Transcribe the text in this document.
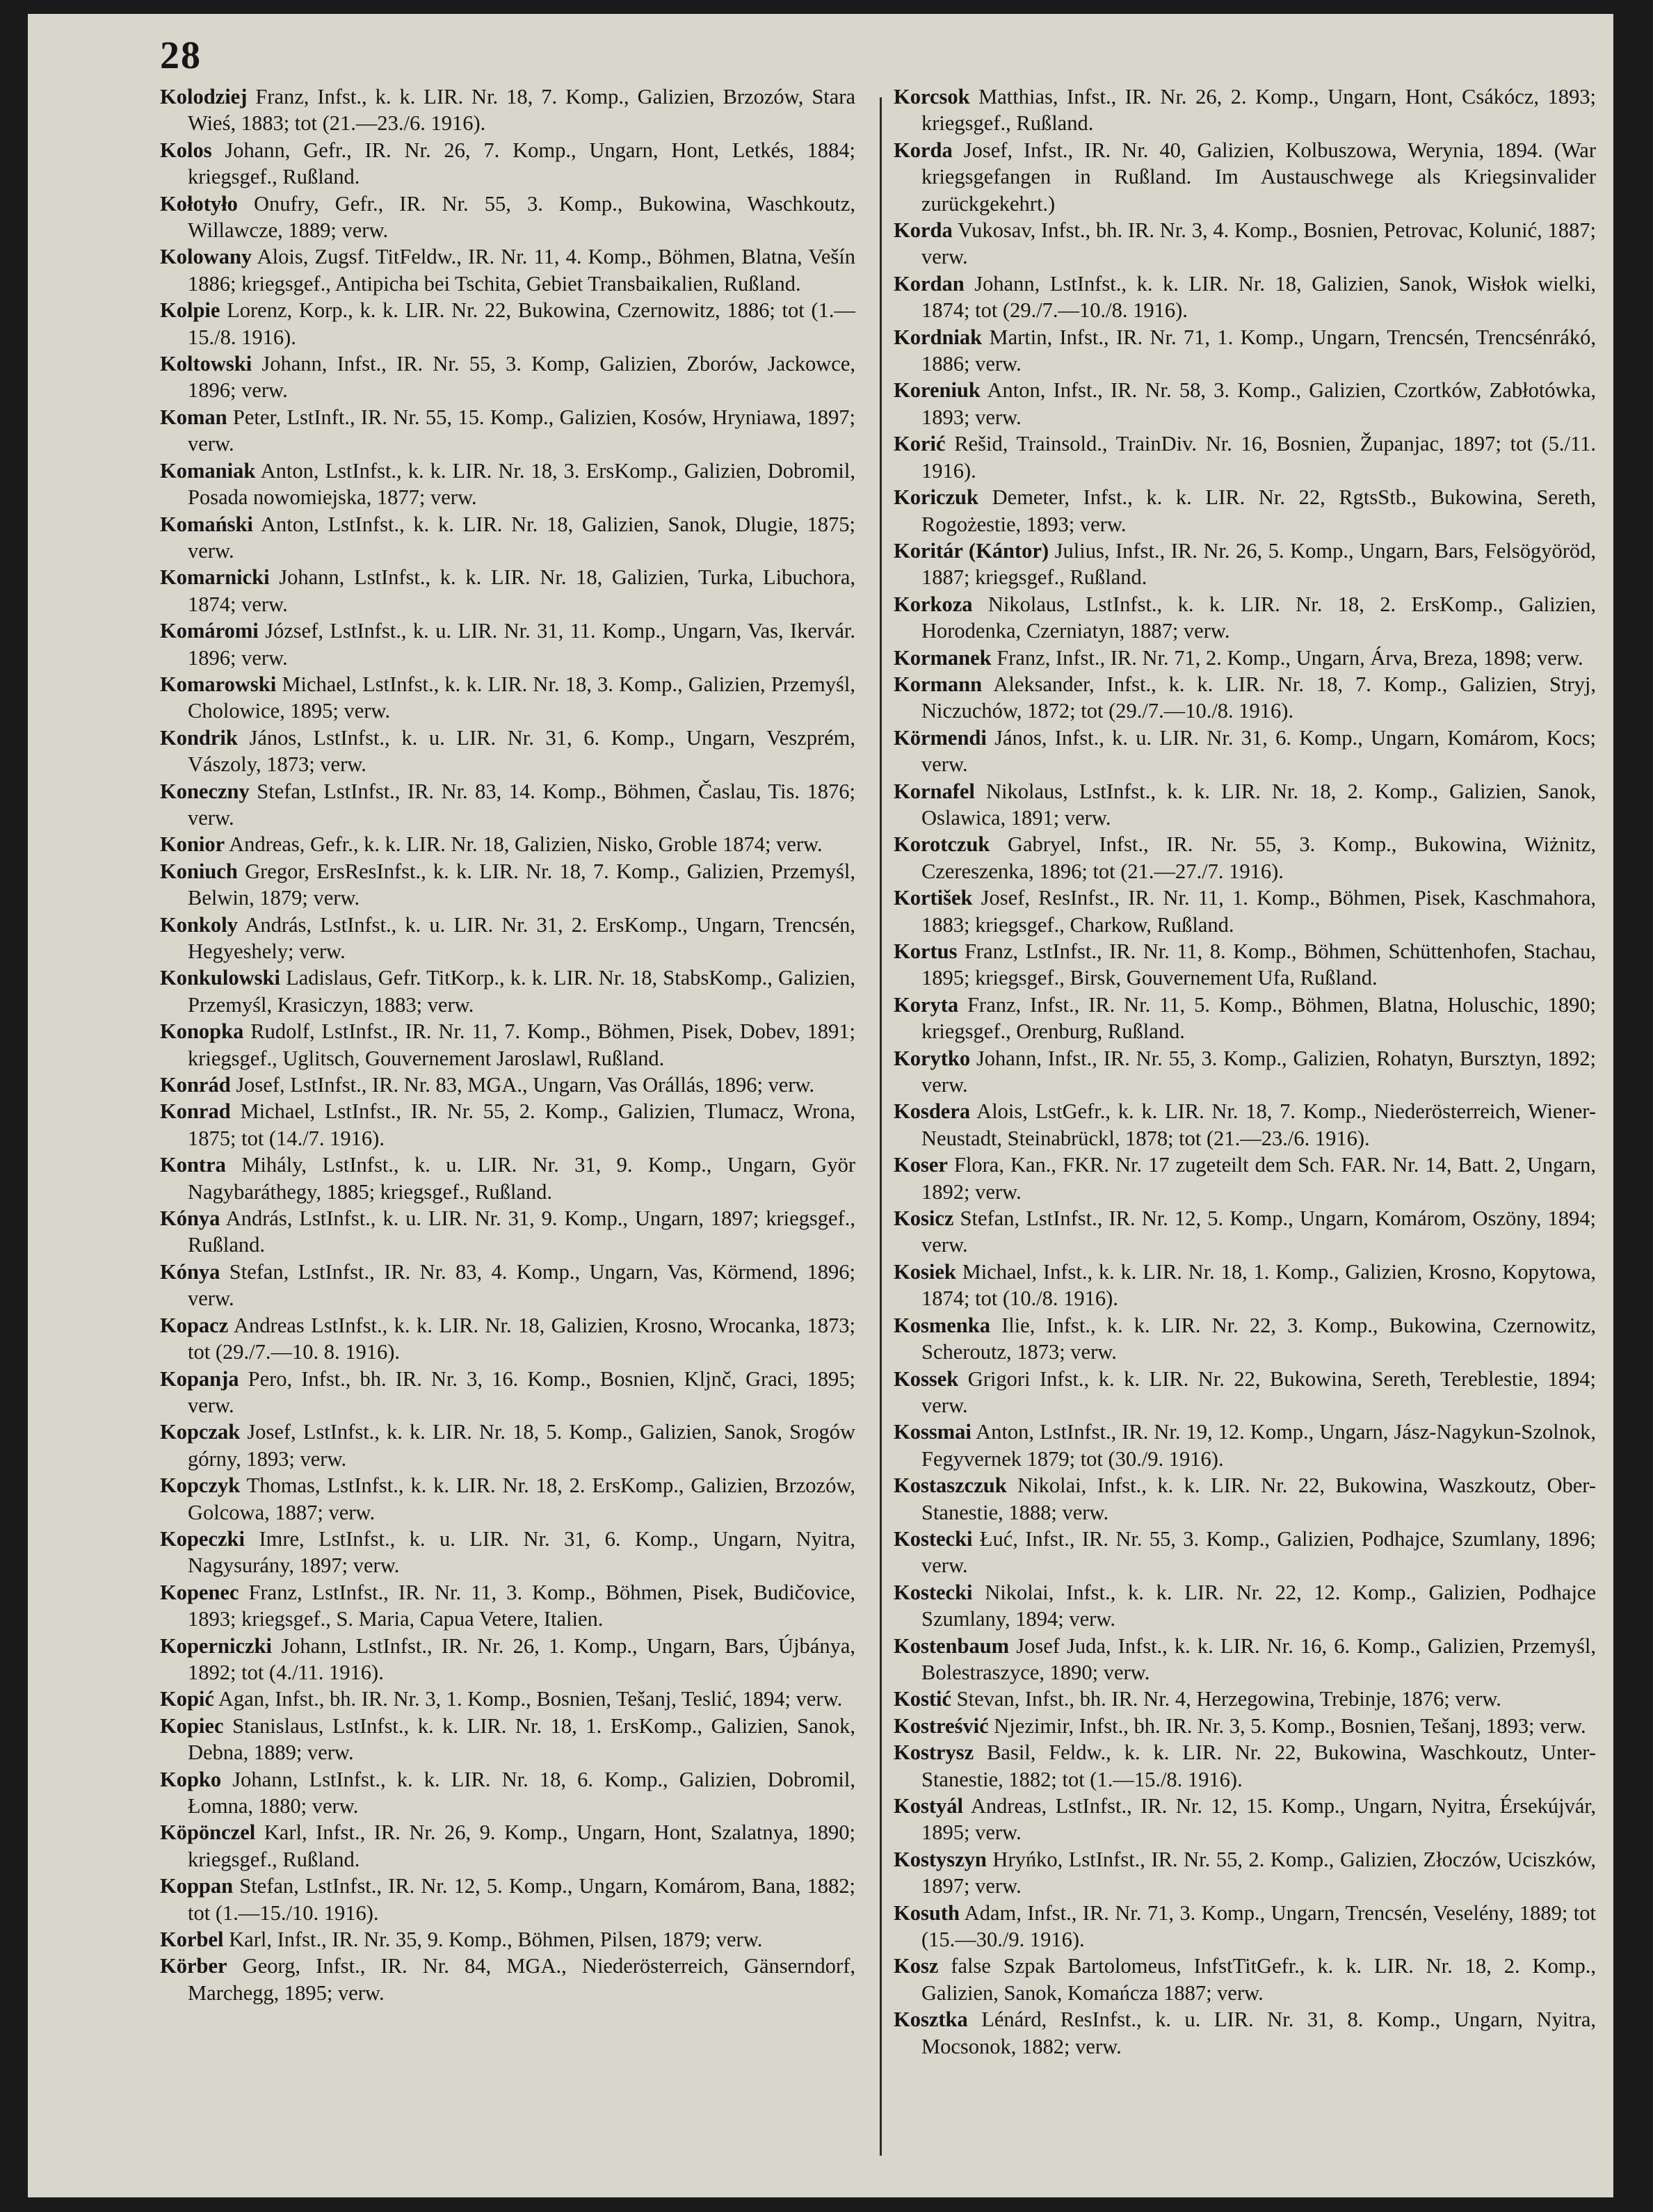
28

Kolodziej Franz, Infst., k. k. LIR. Nr. 18, 7. Komp., Galizien, Brzozów, Stara Wieś, 1883; tot (21.—23./6. 1916).

Kolos Johann, Gefr., IR. Nr. 26, 7. Komp., Ungarn, Hont, Letkés, 1884; kriegsgef., Rußland.

Kołotyło Onufry, Gefr., IR. Nr. 55, 3. Komp., Bukowina, Waschkoutz, Willawcze, 1889; verw.

Kolowany Alois, Zugsf. TitFeldw., IR. Nr. 11, 4. Komp., Böhmen, Blatna, Vešín 1886; kriegsgef., Antipicha bei Tschita, Gebiet Transbaikalien, Rußland.

Kolpie Lorenz, Korp., k. k. LIR. Nr. 22, Bukowina, Czernowitz, 1886; tot (1.—15./8. 1916).

Koltowski Johann, Infst., IR. Nr. 55, 3. Komp, Galizien, Zborów, Jackowce, 1896; verw.

Koman Peter, LstInft., IR. Nr. 55, 15. Komp., Galizien, Kosów, Hryniawa, 1897; verw.

Komaniak Anton, LstInfst., k. k. LIR. Nr. 18, 3. ErsKomp., Galizien, Dobromil, Posada nowomiejska, 1877; verw.

Komański Anton, LstInfst., k. k. LIR. Nr. 18, Galizien, Sanok, Dlugie, 1875; verw.

Komarnicki Johann, LstInfst., k. k. LIR. Nr. 18, Galizien, Turka, Libuchora, 1874; verw.

Komáromi József, LstInfst., k. u. LIR. Nr. 31, 11. Komp., Ungarn, Vas, Ikervár. 1896; verw.

Komarowski Michael, LstInfst., k. k. LIR. Nr. 18, 3. Komp., Galizien, Przemyśl, Cholowice, 1895; verw.

Kondrik János, LstInfst., k. u. LIR. Nr. 31, 6. Komp., Ungarn, Veszprém, Vászoly, 1873; verw.

Koneczny Stefan, LstInfst., IR. Nr. 83, 14. Komp., Böhmen, Časlau, Tis. 1876; verw.

Konior Andreas, Gefr., k. k. LIR. Nr. 18, Galizien, Nisko, Groble 1874; verw.

Koniuch Gregor, ErsResInfst., k. k. LIR. Nr. 18, 7. Komp., Galizien, Przemyśl, Belwin, 1879; verw.

Konkoly András, LstInfst., k. u. LIR. Nr. 31, 2. ErsKomp., Ungarn, Trencsén, Hegyeshely; verw.

Konkulowski Ladislaus, Gefr. TitKorp., k. k. LIR. Nr. 18, StabsKomp., Galizien, Przemyśl, Krasiczyn, 1883; verw.

Konopka Rudolf, LstInfst., IR. Nr. 11, 7. Komp., Böhmen, Pisek, Dobev, 1891; kriegsgef., Uglitsch, Gouvernement Jaroslawl, Rußland.

Konrád Josef, LstInfst., IR. Nr. 83, MGA., Ungarn, Vas Orállás, 1896; verw.

Konrad Michael, LstInfst., IR. Nr. 55, 2. Komp., Galizien, Tlumacz, Wrona, 1875; tot (14./7. 1916).

Kontra Mihály, LstInfst., k. u. LIR. Nr. 31, 9. Komp., Ungarn, Györ Nagybaráthegy, 1885; kriegsgef., Rußland.

Kónya András, LstInfst., k. u. LIR. Nr. 31, 9. Komp., Ungarn, 1897; kriegsgef., Rußland.

Kónya Stefan, LstInfst., IR. Nr. 83, 4. Komp., Ungarn, Vas, Körmend, 1896; verw.

Kopacz Andreas LstInfst., k. k. LIR. Nr. 18, Galizien, Krosno, Wrocanka, 1873; tot (29./7.—10. 8. 1916).

Kopanja Pero, Infst., bh. IR. Nr. 3, 16. Komp., Bosnien, Kljnč, Graci, 1895; verw.

Kopczak Josef, LstInfst., k. k. LIR. Nr. 18, 5. Komp., Galizien, Sanok, Srogów górny, 1893; verw.

Kopczyk Thomas, LstInfst., k. k. LIR. Nr. 18, 2. ErsKomp., Galizien, Brzozów, Golcowa, 1887; verw.

Kopeczki Imre, LstInfst., k. u. LIR. Nr. 31, 6. Komp., Ungarn, Nyitra, Nagysurány, 1897; verw.

Kopenec Franz, LstInfst., IR. Nr. 11, 3. Komp., Böhmen, Pisek, Budičovice, 1893; kriegsgef., S. Maria, Capua Vetere, Italien.

Koperniczki Johann, LstInfst., IR. Nr. 26, 1. Komp., Ungarn, Bars, Újbánya, 1892; tot (4./11. 1916).

Kopić Agan, Infst., bh. IR. Nr. 3, 1. Komp., Bosnien, Tešanj, Teslić, 1894; verw.

Kopiec Stanislaus, LstInfst., k. k. LIR. Nr. 18, 1. ErsKomp., Galizien, Sanok, Debna, 1889; verw.

Kopko Johann, LstInfst., k. k. LIR. Nr. 18, 6. Komp., Galizien, Dobromil, Łomna, 1880; verw.

Köpönczel Karl, Infst., IR. Nr. 26, 9. Komp., Ungarn, Hont, Szalatnya, 1890; kriegsgef., Rußland.

Koppan Stefan, LstInfst., IR. Nr. 12, 5. Komp., Ungarn, Komárom, Bana, 1882; tot (1.—15./10. 1916).

Korbel Karl, Infst., IR. Nr. 35, 9. Komp., Böhmen, Pilsen, 1879; verw.

Körber Georg, Infst., IR. Nr. 84, MGA., Niederösterreich, Gänserndorf, Marchegg, 1895; verw.

Korcsok Matthias, Infst., IR. Nr. 26, 2. Komp., Ungarn, Hont, Csákócz, 1893; kriegsgef., Rußland.

Korda Josef, Infst., IR. Nr. 40, Galizien, Kolbuszowa, Werynia, 1894. (War kriegsgefangen in Rußland. Im Austauschwege als Kriegsinvalider zurückgekehrt.)

Korda Vukosav, Infst., bh. IR. Nr. 3, 4. Komp., Bosnien, Petrovac, Kolunić, 1887; verw.

Kordan Johann, LstInfst., k. k. LIR. Nr. 18, Galizien, Sanok, Wisłok wielki, 1874; tot (29./7.—10./8. 1916).

Kordniak Martin, Infst., IR. Nr. 71, 1. Komp., Ungarn, Trencsén, Trencsénrákó, 1886; verw.

Koreniuk Anton, Infst., IR. Nr. 58, 3. Komp., Galizien, Czortków, Zabłotówka, 1893; verw.

Korić Rešid, Trainsold., TrainDiv. Nr. 16, Bosnien, Županjac, 1897; tot (5./11. 1916).

Koriczuk Demeter, Infst., k. k. LIR. Nr. 22, RgtsStb., Bukowina, Sereth, Rogożestie, 1893; verw.

Koritár (Kántor) Julius, Infst., IR. Nr. 26, 5. Komp., Ungarn, Bars, Felsögyöröd, 1887; kriegsgef., Rußland.

Korkoza Nikolaus, LstInfst., k. k. LIR. Nr. 18, 2. ErsKomp., Galizien, Horodenka, Czerniatyn, 1887; verw.

Kormanek Franz, Infst., IR. Nr. 71, 2. Komp., Ungarn, Árva, Breza, 1898; verw.

Kormann Aleksander, Infst., k. k. LIR. Nr. 18, 7. Komp., Galizien, Stryj, Niczuchów, 1872; tot (29./7.—10./8. 1916).

Körmendi János, Infst., k. u. LIR. Nr. 31, 6. Komp., Ungarn, Komárom, Kocs; verw.

Kornafel Nikolaus, LstInfst., k. k. LIR. Nr. 18, 2. Komp., Galizien, Sanok, Oslawica, 1891; verw.

Korotczuk Gabryel, Infst., IR. Nr. 55, 3. Komp., Bukowina, Wiżnitz, Czereszenka, 1896; tot (21.—27./7. 1916).

Kortišek Josef, ResInfst., IR. Nr. 11, 1. Komp., Böhmen, Pisek, Kaschmahora, 1883; kriegsgef., Charkow, Rußland.

Kortus Franz, LstInfst., IR. Nr. 11, 8. Komp., Böhmen, Schüttenhofen, Stachau, 1895; kriegsgef., Birsk, Gouvernement Ufa, Rußland.

Koryta Franz, Infst., IR. Nr. 11, 5. Komp., Böhmen, Blatna, Holuschic, 1890; kriegsgef., Orenburg, Rußland.

Korytko Johann, Infst., IR. Nr. 55, 3. Komp., Galizien, Rohatyn, Bursztyn, 1892; verw.

Kosdera Alois, LstGefr., k. k. LIR. Nr. 18, 7. Komp., Niederösterreich, Wiener-Neustadt, Steinabrückl, 1878; tot (21.—23./6. 1916).

Koser Flora, Kan., FKR. Nr. 17 zugeteilt dem Sch. FAR. Nr. 14, Batt. 2, Ungarn, 1892; verw.

Kosicz Stefan, LstInfst., IR. Nr. 12, 5. Komp., Ungarn, Komárom, Oszöny, 1894; verw.

Kosiek Michael, Infst., k. k. LIR. Nr. 18, 1. Komp., Galizien, Krosno, Kopytowa, 1874; tot (10./8. 1916).

Kosmenka Ilie, Infst., k. k. LIR. Nr. 22, 3. Komp., Bukowina, Czernowitz, Scheroutz, 1873; verw.

Kossek Grigori Infst., k. k. LIR. Nr. 22, Bukowina, Sereth, Tereblestie, 1894; verw.

Kossmai Anton, LstInfst., IR. Nr. 19, 12. Komp., Ungarn, Jász-Nagykun-Szolnok, Fegyvernek 1879; tot (30./9. 1916).

Kostaszczuk Nikolai, Infst., k. k. LIR. Nr. 22, Bukowina, Waszkoutz, Ober-Stanestie, 1888; verw.

Kostecki Łuć, Infst., IR. Nr. 55, 3. Komp., Galizien, Podhajce, Szumlany, 1896; verw.

Kostecki Nikolai, Infst., k. k. LIR. Nr. 22, 12. Komp., Galizien, Podhajce Szumlany, 1894; verw.

Kostenbaum Josef Juda, Infst., k. k. LIR. Nr. 16, 6. Komp., Galizien, Przemyśl, Bolestraszyce, 1890; verw.

Kostić Stevan, Infst., bh. IR. Nr. 4, Herzegowina, Trebinje, 1876; verw.

Kostreśvić Njezimir, Infst., bh. IR. Nr. 3, 5. Komp., Bosnien, Tešanj, 1893; verw.

Kostrysz Basil, Feldw., k. k. LIR. Nr. 22, Bukowina, Waschkoutz, Unter-Stanestie, 1882; tot (1.—15./8. 1916).

Kostyál Andreas, LstInfst., IR. Nr. 12, 15. Komp., Ungarn, Nyitra, Érsekújvár, 1895; verw.

Kostyszyn Hryńko, LstInfst., IR. Nr. 55, 2. Komp., Galizien, Złoczów, Uciszków, 1897; verw.

Kosuth Adam, Infst., IR. Nr. 71, 3. Komp., Ungarn, Trencsén, Veselény, 1889; tot (15.—30./9. 1916).

Kosz false Szpak Bartolomeus, InfstTitGefr., k. k. LIR. Nr. 18, 2. Komp., Galizien, Sanok, Komańcza 1887; verw.

Kosztka Lénárd, ResInfst., k. u. LIR. Nr. 31, 8. Komp., Ungarn, Nyitra, Mocsonok, 1882; verw.
